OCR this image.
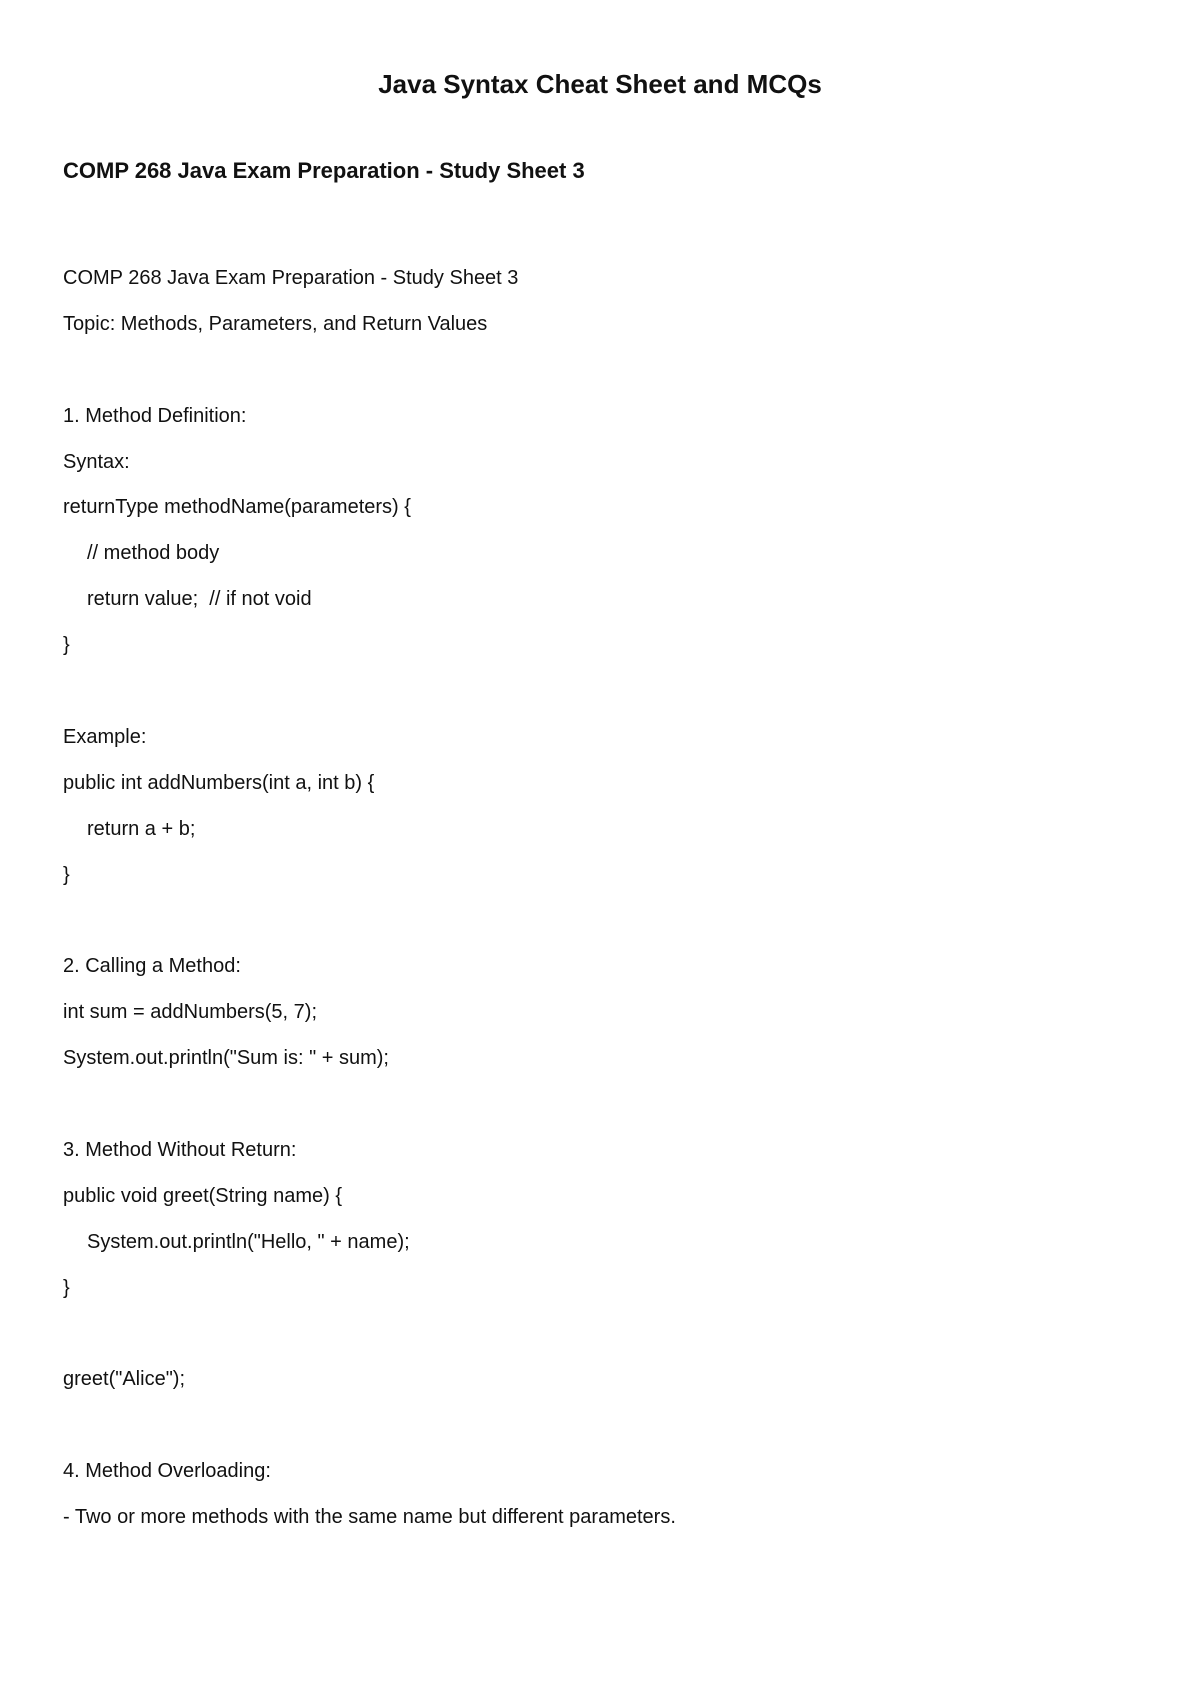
Java Syntax Cheat Sheet and MCQs
COMP 268 Java Exam Preparation - Study Sheet 3
COMP 268 Java Exam Preparation - Study Sheet 3
Topic: Methods, Parameters, and Return Values
1. Method Definition:
Syntax:
returnType methodName(parameters) {
// method body
return value;  // if not void
}
Example:
public int addNumbers(int a, int b) {
return a + b;
}
2. Calling a Method:
int sum = addNumbers(5, 7);
System.out.println("Sum is: " + sum);
3. Method Without Return:
public void greet(String name) {
System.out.println("Hello, " + name);
}
greet("Alice");
4. Method Overloading:
- Two or more methods with the same name but different parameters.
